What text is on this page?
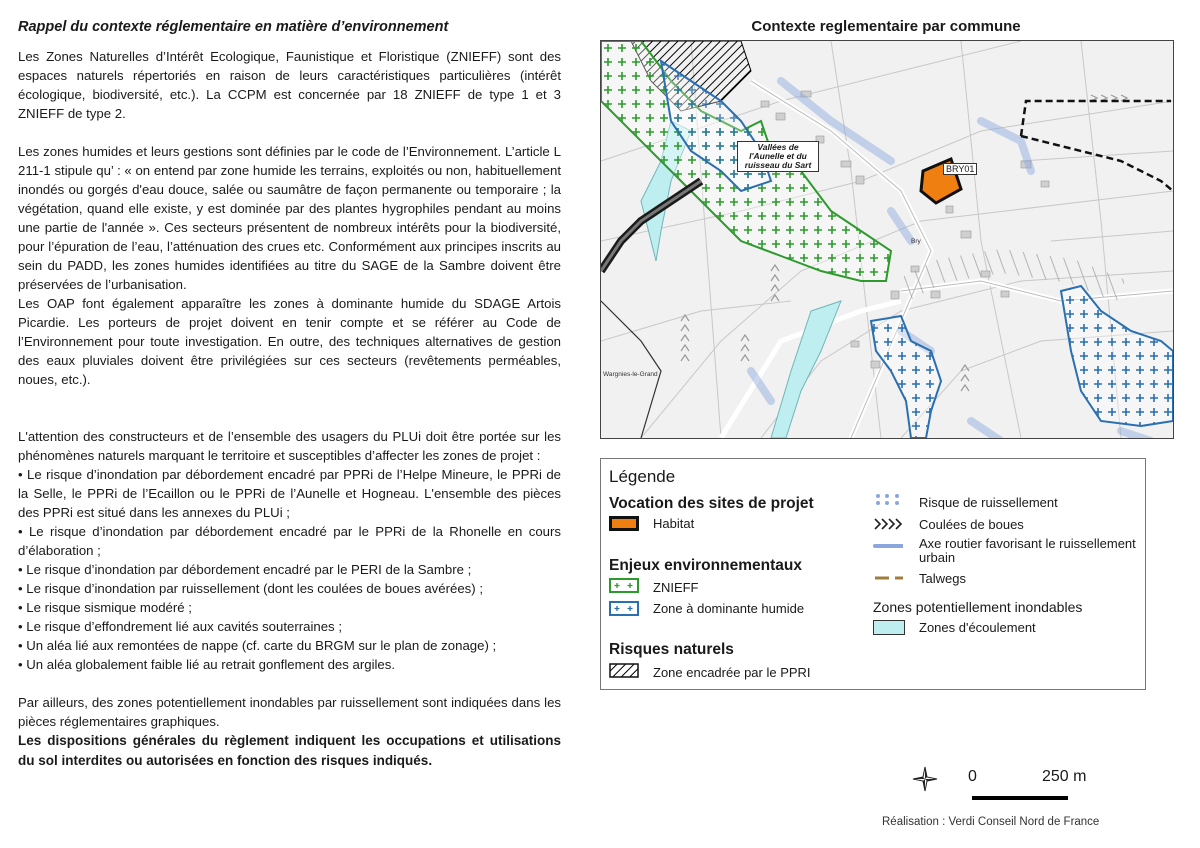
Rappel du contexte réglementaire en matière d’environnement

Les Zones Naturelles d’Intérêt Ecologique, Faunistique et Floristique (ZNIEFF) sont des espaces naturels répertoriés en raison de leurs caractéristiques particulières (intérêt écologique, biodiversité, etc.). La CCPM est concernée par 18 ZNIEFF de type 1 et 3 ZNIEFF de type 2.

Les zones humides et leurs gestions sont définies par le code de l’Environnement. L’article L 211-1 stipule qu’ : « on entend par zone humide les terrains, exploités ou non, habituellement inondés ou gorgés d'eau douce, salée ou saumâtre de façon permanente ou temporaire ; la végétation, quand elle existe, y est dominée par des plantes hygrophiles pendant au moins une partie de l'année ». Ces secteurs présentent de nombreux intérêts pour la biodiversité, pour l’épuration de l’eau, l’atténuation des crues etc. Conformément aux principes inscrits au sein du PADD, les zones humides identifiées au titre du SAGE de la Sambre doivent être préservées de l’urbanisation.

Les OAP font également apparaître les zones à dominante humide du SDAGE Artois Picardie. Les porteurs de projet doivent en tenir compte et se référer au Code de l’Environnement pour toute investigation. En outre, des techniques alternatives de gestion des eaux pluviales doivent être privilégiées sur ces secteurs (revêtements perméables, noues, etc.).

L'attention des constructeurs et de l’ensemble des usagers du PLUi doit être portée sur les phénomènes naturels marquant le territoire et susceptibles d’affecter les zones de projet :

• Le risque d’inondation par débordement encadré par PPRi de l’Helpe Mineure, le PPRi de la Selle, le PPRi de l’Ecaillon ou le PPRi de l’Aunelle et Hogneau. L'ensemble des pièces des PPRi est situé dans les annexes du PLUi ;

• Le risque d’inondation par débordement encadré par le PPRi de la Rhonelle en cours d’élaboration ;

• Le risque d’inondation par débordement encadré par le PERI de la Sambre ;

• Le risque d’inondation par ruissellement (dont les coulées de boues avérées) ;

• Le risque sismique modéré ;

• Le risque d’effondrement lié aux cavités souterraines ;

• Un aléa lié aux remontées de nappe (cf. carte du BRGM sur le plan de zonage) ;

• Un aléa globalement faible lié au retrait gonflement des argiles.

Par ailleurs, des zones potentiellement inondables par ruissellement sont indiquées dans les pièces réglementaires graphiques.

Les dispositions générales du règlement indiquent les occupations et utilisations du sol interdites ou autorisées en fonction des risques indiqués.

Contexte reglementaire par commune
Vallées de l'Aunelle et du ruisseau du Sart	BRY01
Bry
Wargnies-le-Grand
Légende
Vocation des sites de projet
Habitat
Enjeux environnementaux
ZNIEFF
Zone à dominante humide
Risques naturels
Zone encadrée par le PPRI
Risque de ruissellement
Coulées de boues
Axe routier favorisant le ruissellement
urbain
Talwegs
Zones potentiellement inondables
Zones d'écoulement
0	250 m
Réalisation : Verdi Conseil Nord de France
